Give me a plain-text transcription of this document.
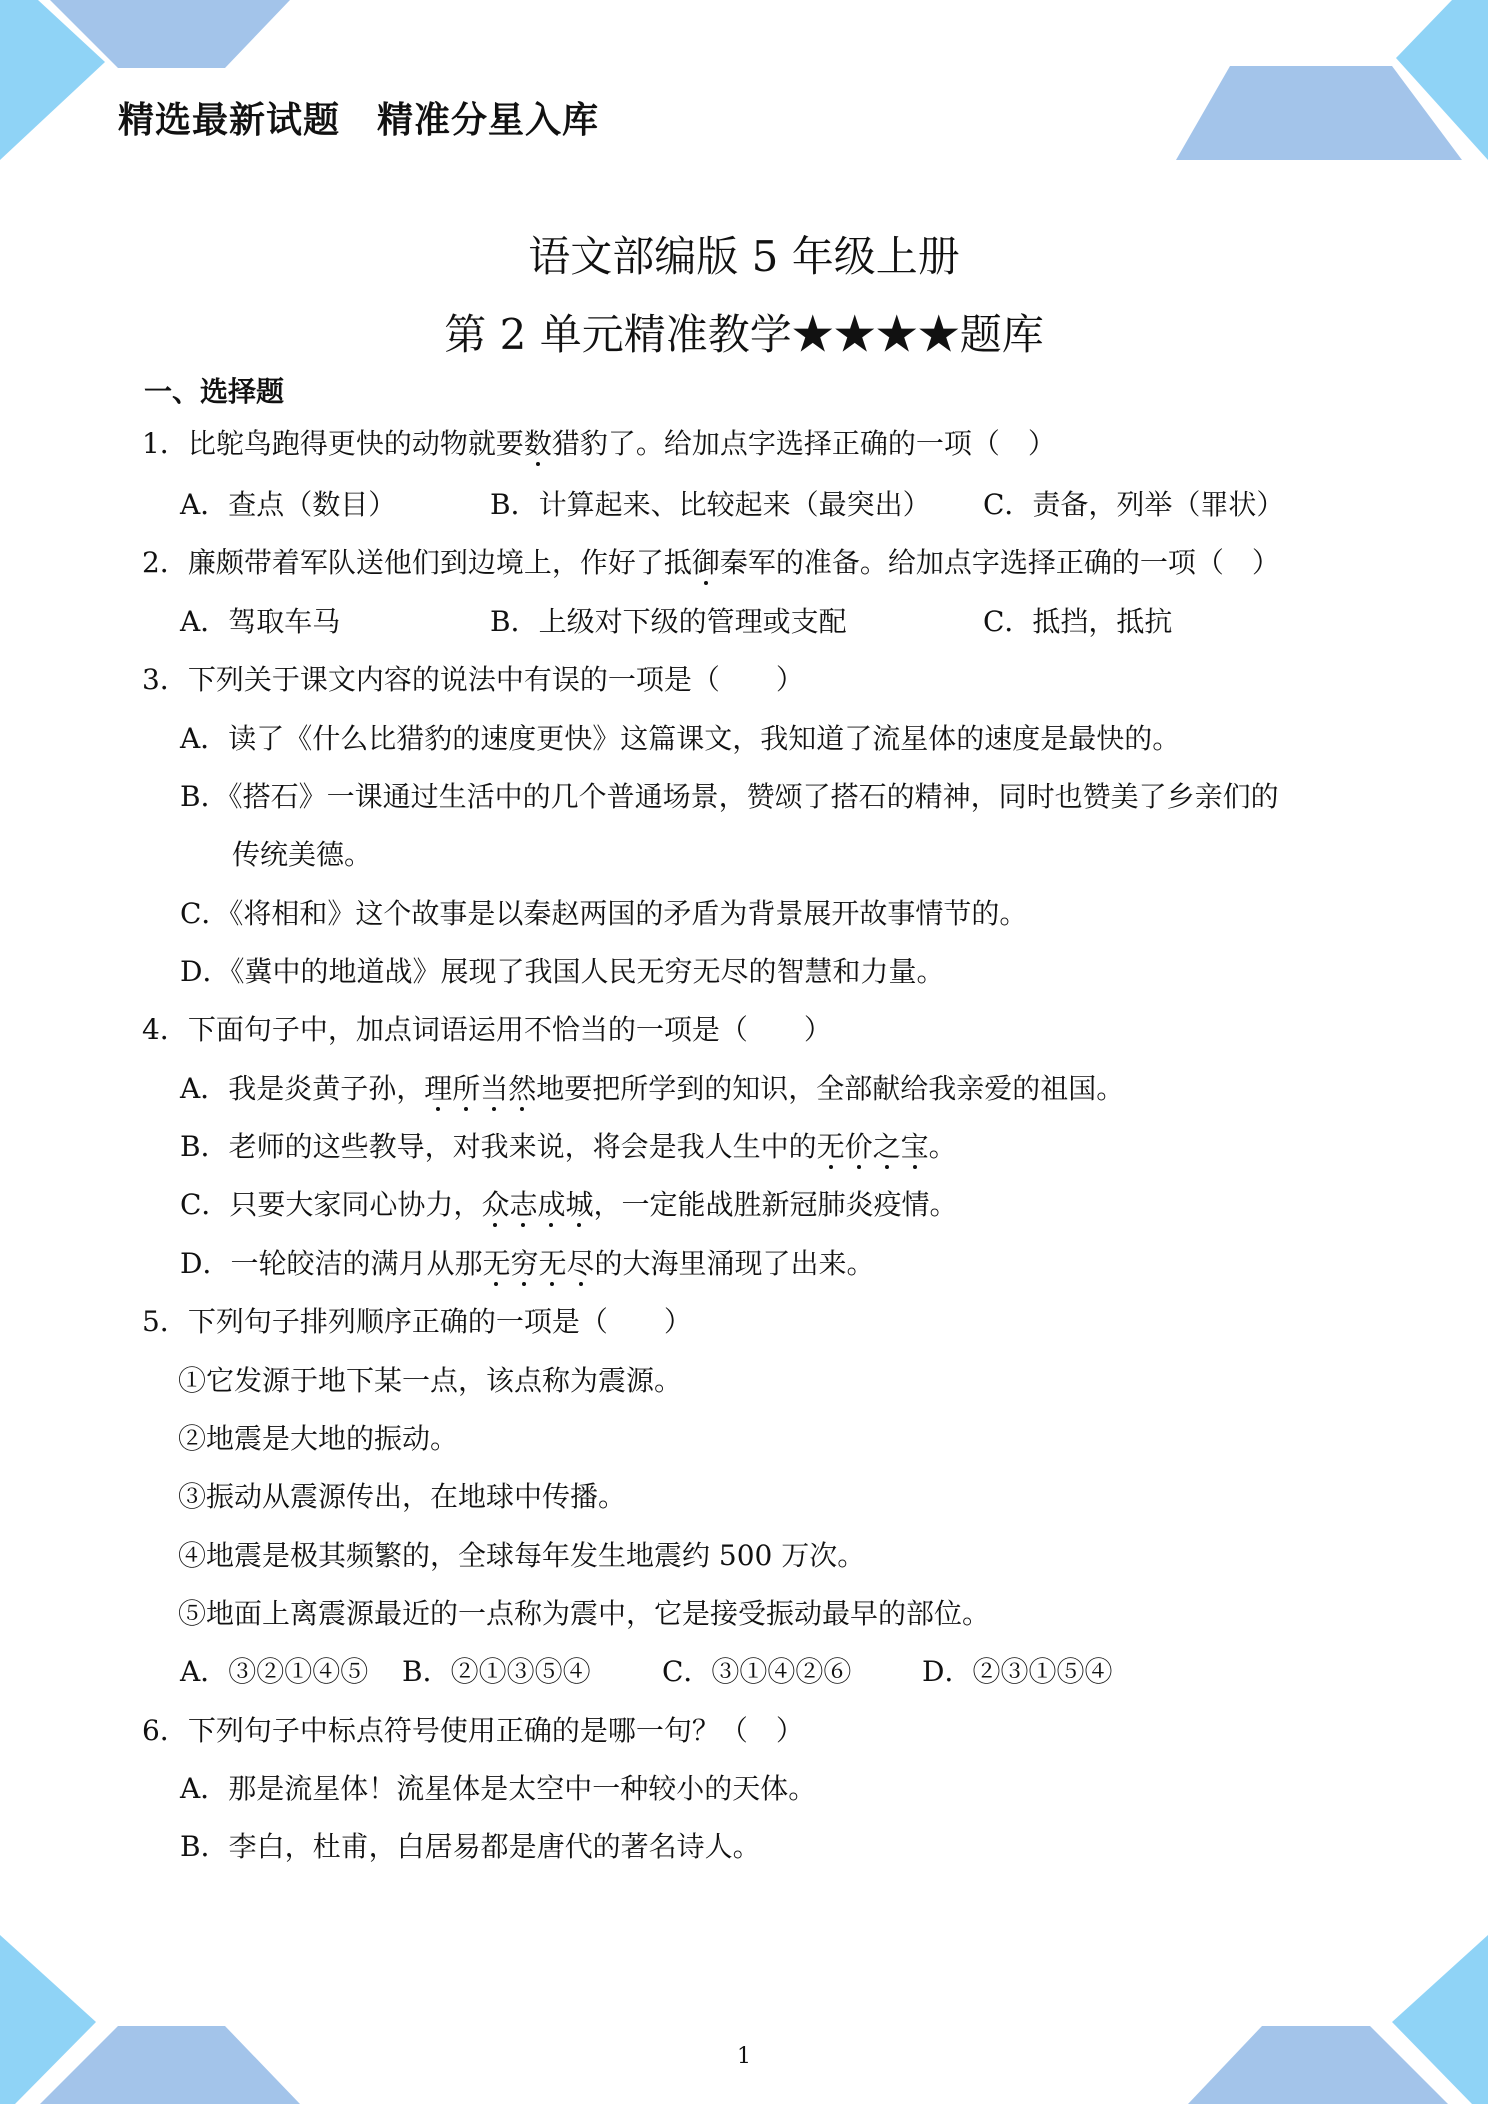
精选最新试题　精准分星入库
语文部编版 5 年级上册
第 2 单元精准教学★★★★题库
一、选择题
1．比鸵鸟跑得更快的动物就要数猎豹了。给加点字选择正确的一项（　）
A．查点（数目）	B．计算起来、比较起来（最突出） C．责备，列举（罪状）
2．廉颇带着军队送他们到边境上，作好了抵御秦军的准备。给加点字选择正确的一项（　）
A．驾取车马	B．上级对下级的管理或支配	C．抵挡，抵抗
3．下列关于课文内容的说法中有误的一项是（　　）
A．读了《什么比猎豹的速度更快》这篇课文，我知道了流星体的速度是最快的。
B．《搭石》一课通过生活中的几个普通场景，赞颂了搭石的精神，同时也赞美了乡亲们的
传统美德。
C．《将相和》这个故事是以秦赵两国的矛盾为背景展开故事情节的。
D．《冀中的地道战》展现了我国人民无穷无尽的智慧和力量。
4．下面句子中，加点词语运用不恰当的一项是（　　）
A．我是炎黄子孙，理所当然地要把所学到的知识，全部献给我亲爱的祖国。
B．老师的这些教导，对我来说，将会是我人生中的无价之宝。
C．只要大家同心协力，众志成城，一定能战胜新冠肺炎疫情。
D．一轮皎洁的满月从那无穷无尽的大海里涌现了出来。
5．下列句子排列顺序正确的一项是（　　）
①它发源于地下某一点，该点称为震源。
②地震是大地的振动。
③振动从震源传出，在地球中传播。
④地震是极其频繁的，全球每年发生地震约 500 万次。
⑤地面上离震源最近的一点称为震中，它是接受振动最早的部位。
A．③②①④⑤ B．②①③⑤④	C．③①④②⑥	D．②③①⑤④
6．下列句子中标点符号使用正确的是哪一句？（　）
A．那是流星体！流星体是太空中一种较小的天体。
B．李白，杜甫，白居易都是唐代的著名诗人。
1
